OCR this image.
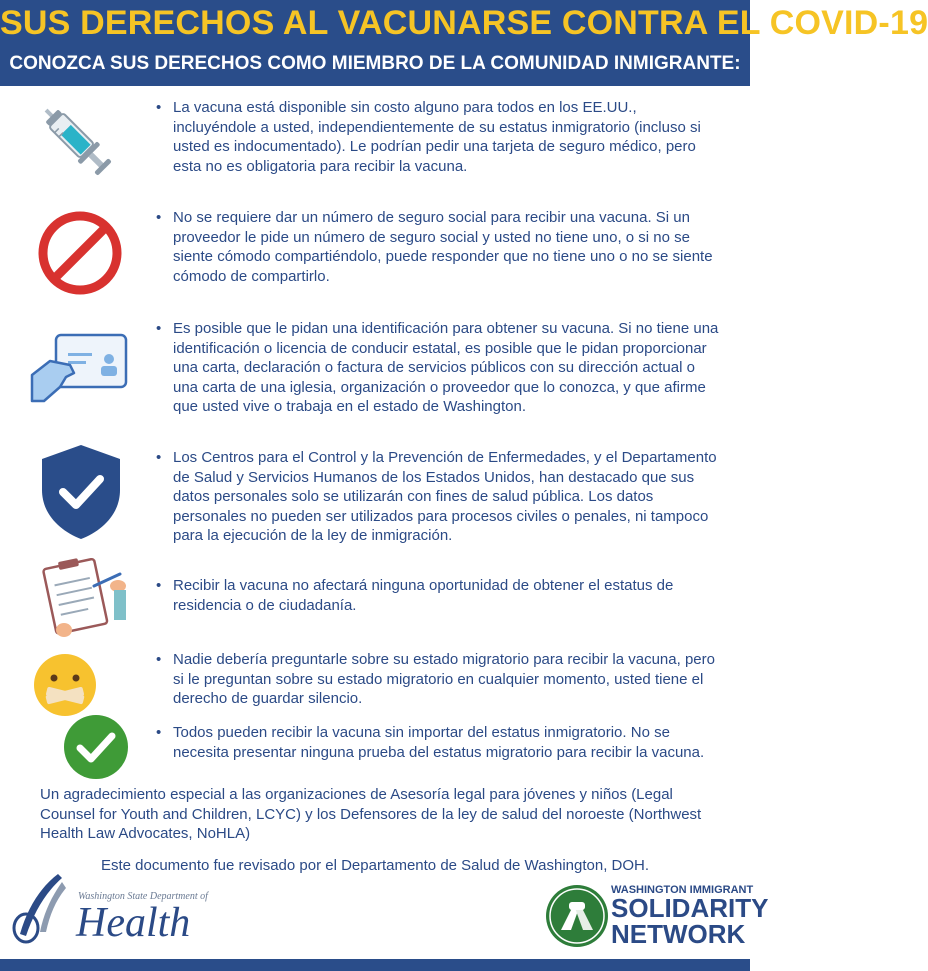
SUS DERECHOS AL VACUNARSE CONTRA EL COVID-19
CONOZCA SUS DERECHOS COMO MIEMBRO DE LA COMUNIDAD INMIGRANTE:
• La vacuna está disponible sin costo alguno para todos en los EE.UU., incluyéndole a usted, independientemente de su estatus inmigratorio (incluso si usted es indocumentado). Le podrían pedir una tarjeta de seguro médico, pero esta no es obligatoria para recibir la vacuna.
• No se requiere dar un número de seguro social para recibir una vacuna. Si un proveedor le pide un número de seguro social y usted no tiene uno, o si no se siente cómodo compartiéndolo, puede responder que no tiene uno o no se siente cómodo de compartirlo.
• Es posible que le pidan una identificación para obtener su vacuna. Si no tiene una identificación o licencia de conducir estatal, es posible que le pidan proporcionar una carta, declaración o factura de servicios públicos con su dirección actual o una carta de una iglesia, organización o proveedor que lo conozca, y que afirme que usted vive o trabaja en el estado de Washington.
• Los Centros para el Control y la Prevención de Enfermedades, y el Departamento de Salud y Servicios Humanos de los Estados Unidos, han destacado que sus datos personales solo se utilizarán con fines de salud pública. Los datos personales no pueden ser utilizados para procesos civiles o penales, ni tampoco para la ejecución de la ley de inmigración.
• Recibir la vacuna no afectará ninguna oportunidad de obtener el estatus de residencia o de ciudadanía.
• Nadie debería preguntarle sobre su estado migratorio para recibir la vacuna, pero si le preguntan sobre su estado migratorio en cualquier momento, usted tiene el derecho de guardar silencio.
• Todos pueden recibir la vacuna sin importar del estatus inmigratorio. No se necesita presentar ninguna prueba del estatus migratorio para recibir la vacuna.
Un agradecimiento especial a las organizaciones de Asesoría legal para jóvenes y niños (Legal Counsel for Youth and Children, LCYC) y los Defensores de la ley de salud del noroeste (Northwest Health Law Advocates, NoHLA)
Este documento fue revisado por el Departamento de Salud de Washington, DOH.
Washington State Department of
Health
WASHINGTON IMMIGRANT
SOLIDARITY
NETWORK
